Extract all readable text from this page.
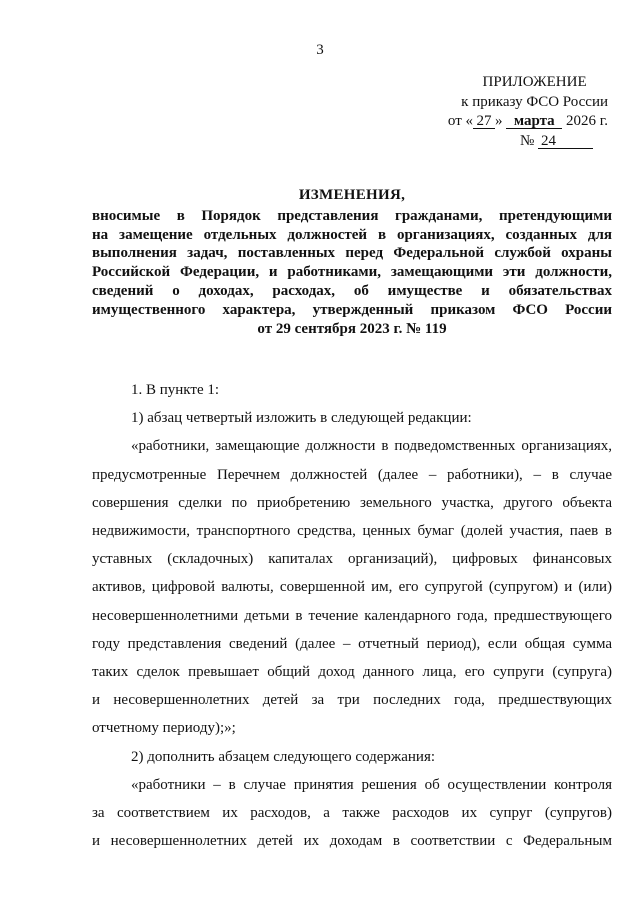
3
ПРИЛОЖЕНИЕ
к приказу ФСО России
от « 27 » марта 2026 г.
№ 24
ИЗМЕНЕНИЯ,
вносимые в Порядок представления гражданами, претендующими
на замещение отдельных должностей в организациях, созданных для
выполнения задач, поставленных перед Федеральной службой охраны
Российской Федерации, и работниками, замещающими эти должности,
сведений о доходах, расходах, об имуществе и обязательствах
имущественного характера, утвержденный приказом ФСО России
от 29 сентября 2023 г. № 119
1. В пункте 1:
1) абзац четвертый изложить в следующей редакции:
«работники, замещающие должности в подведомственных организациях,
предусмотренные Перечнем должностей (далее – работники), – в случае
совершения сделки по приобретению земельного участка, другого объекта
недвижимости, транспортного средства, ценных бумаг (долей участия, паев в
уставных (складочных) капиталах организаций), цифровых финансовых
активов, цифровой валюты, совершенной им, его супругой (супругом) и (или)
несовершеннолетними детьми в течение календарного года, предшествующего
году представления сведений (далее – отчетный период), если общая сумма
таких сделок превышает общий доход данного лица, его супруги (супруга)
и несовершеннолетних детей за три последних года, предшествующих
отчетному периоду);»;
2) дополнить абзацем следующего содержания:
«работники – в случае принятия решения об осуществлении контроля
за соответствием их расходов, а также расходов их супруг (супругов)
и несовершеннолетних детей их доходам в соответствии с Федеральным
